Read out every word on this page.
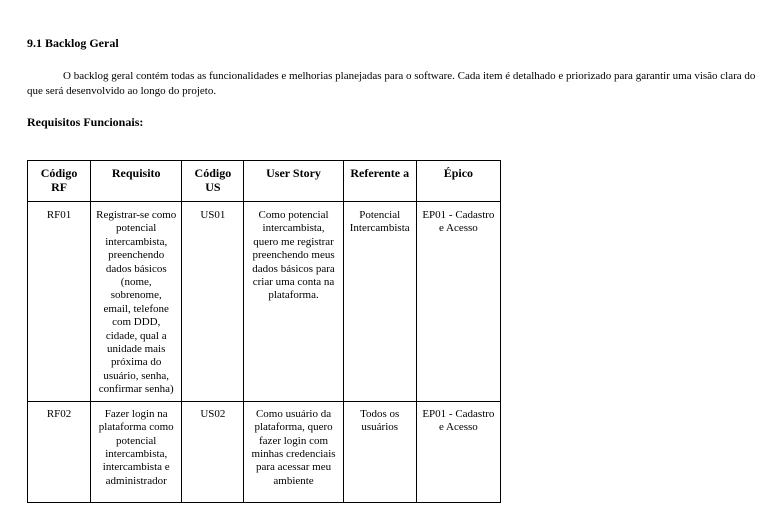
9.1 Backlog Geral

O backlog geral contém todas as funcionalidades e melhorias planejadas para o software. Cada item é detalhado e priorizado para garantir uma visão clara do que será desenvolvido ao longo do projeto.

Requisitos Funcionais:
Código RF	Requisito	Código US	User Story	Referente a	Épico
RF01	Registrar-se como potencial intercambista, preenchendo dados básicos (nome, sobrenome, email, telefone com DDD, cidade, qual a unidade mais próxima do usuário, senha, confirmar senha)	US01	Como potencial intercambista, quero me registrar preenchendo meus dados básicos para criar uma conta na plataforma.	Potencial Intercambista	EP01 - Cadastro e Acesso
RF02	Fazer login na plataforma como potencial intercambista, intercambista e administrador	US02	Como usuário da plataforma, quero fazer login com minhas credenciais para acessar meu ambiente	Todos os usuários	EP01 - Cadastro e Acesso
